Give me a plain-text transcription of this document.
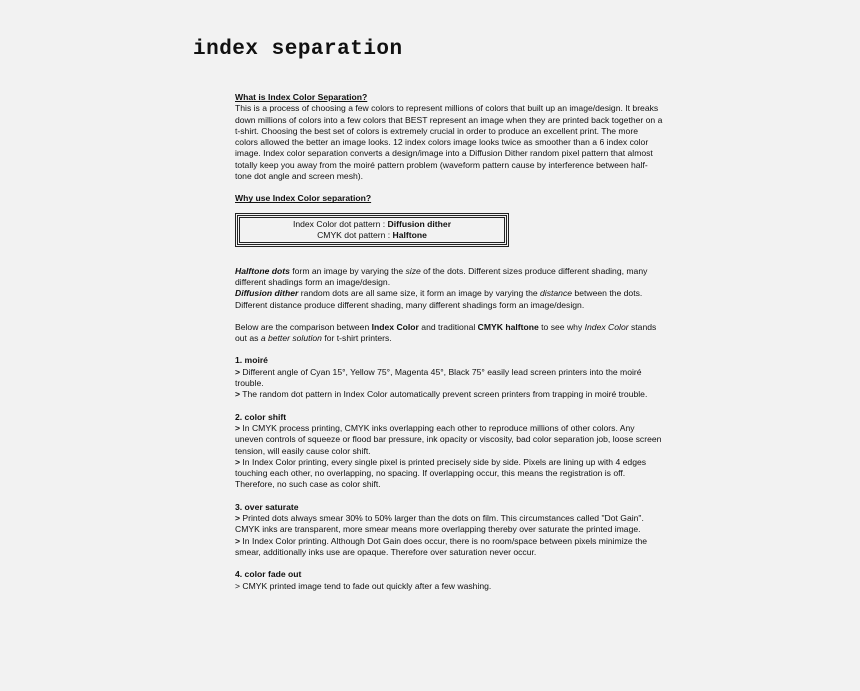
index separation

What is Index Color Separation?

This is a process of choosing a few colors to represent millions of colors that built up an image/design. It breaks down millions of colors into a few colors that BEST represent an image when they are printed back together on a t-shirt. Choosing the best set of colors is extremely crucial in order to produce an excellent print. The more colors allowed the better an image looks. 12 index colors image looks twice as smoother than a 6 index color image. Index color separation converts a design/image into a Diffusion Dither random pixel pattern that almost totally keep you away from the moiré pattern problem (waveform pattern cause by interference between half-tone dot angle and screen mesh).

Why use Index Color separation?

Index Color dot pattern : Diffusion dither
CMYK dot pattern : Halftone

Halftone dots form an image by varying the size of the dots. Different sizes produce different shading, many different shadings form an image/design.

Diffusion dither random dots are all same size, it form an image by varying the distance between the dots. Different distance produce different shading, many different shadings form an image/design.

Below are the comparison between Index Color and traditional CMYK halftone to see why Index Color stands out as a better solution for t-shirt printers.

1. moiré

> Different angle of Cyan 15°, Yellow 75°, Magenta 45°, Black 75° easily lead screen printers into the moiré trouble.

> The random dot pattern in Index Color automatically prevent screen printers from trapping in moiré trouble.

2. color shift

> In CMYK process printing, CMYK inks overlapping each other to reproduce millions of other colors. Any uneven controls of squeeze or flood bar pressure, ink opacity or viscosity, bad color separation job, loose screen tension, will easily cause color shift.

> In Index Color printing, every single pixel is printed precisely side by side. Pixels are lining up with 4 edges touching each other, no overlapping, no spacing. If overlapping occur, this means the registration is off. Therefore, no such case as color shift.

3. over saturate

> Printed dots always smear 30% to 50% larger than the dots on film. This circumstances called "Dot Gain". CMYK inks are transparent, more smear means more overlapping thereby over saturate the printed image.

> In Index Color printing. Although Dot Gain does occur, there is no room/space between pixels minimize the smear, additionally inks use are opaque. Therefore over saturation never occur.

4. color fade out

> CMYK printed image tend to fade out quickly after a few washing.
